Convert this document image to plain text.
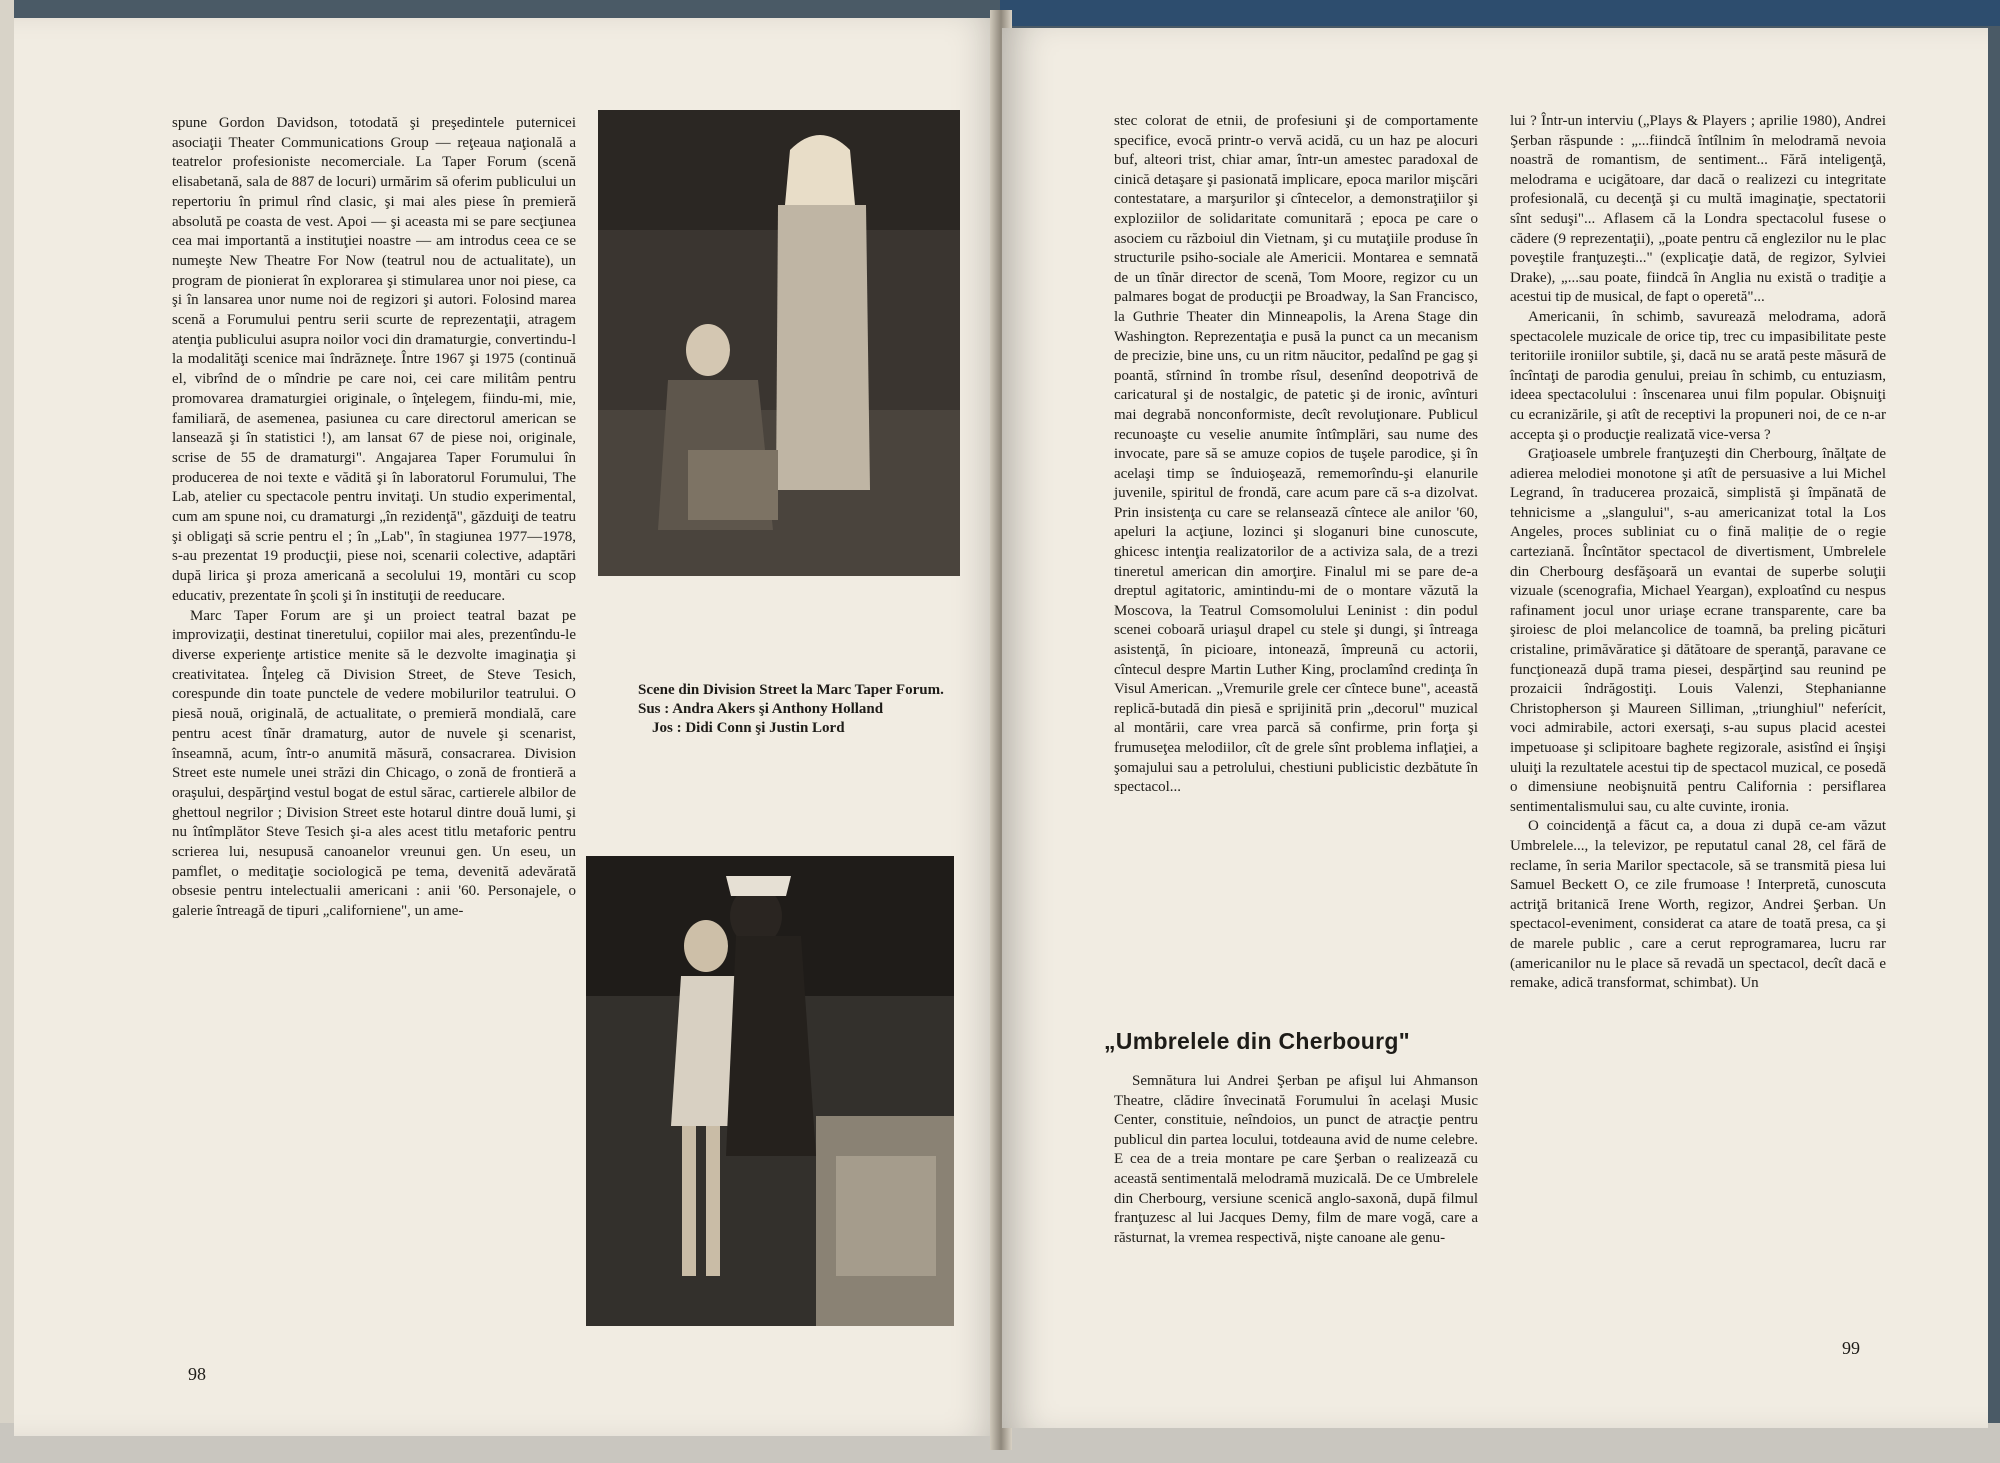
spune Gordon Davidson, totodată şi preşedintele puternicei asociaţii Theater Communications Group — reţeaua naţională a teatrelor profesioniste necomerciale. La Taper Forum (scenă elisabetană, sala de 887 de locuri) urmărim să oferim publicului un repertoriu în primul rînd clasic, şi mai ales piese în premieră absolută pe coasta de vest. Apoi — şi aceasta mi se pare secţiunea cea mai importantă a instituţiei noastre — am introdus ceea ce se numeşte New Theatre For Now (teatrul nou de actualitate), un program de pionierat în explorarea şi stimularea unor noi piese, ca şi în lansarea unor nume noi de regizori şi autori. Folosind marea scenă a Forumului pentru serii scurte de reprezentaţii, atragem atenţia publicului asupra noilor voci din dramaturgie, convertindu-l la modalităţi scenice mai îndrăzneţe. Între 1967 şi 1975 (continuă el, vibrînd de o mîndrie pe care noi, cei care militâm pentru promovarea dramaturgiei originale, o înţelegem, fiindu-mi, mie, familiară, de asemenea, pasiunea cu care directorul american se lansează şi în statistici !), am lansat 67 de piese noi, originale, scrise de 55 de dramaturgi". Angajarea Taper Forumului în producerea de noi texte e vădită şi în laboratorul Forumului, The Lab, atelier cu spectacole pentru invitaţi. Un studio experimental, cum am spune noi, cu dramaturgi „în rezidenţă", găzduiţi de teatru şi obligaţi să scrie pentru el ; în „Lab", în stagiunea 1977—1978, s-au prezentat 19 producţii, piese noi, scenarii colective, adaptări după lirica şi proza americană a secolului 19, montări cu scop educativ, prezentate în şcoli şi în instituţii de reeducare.

Marc Taper Forum are şi un proiect teatral bazat pe improvizaţii, destinat tineretului, copiilor mai ales, prezentîndu-le diverse experienţe artistice menite să le dezvolte imaginaţia şi creativitatea. Înţeleg că Division Street, de Steve Tesich, corespunde din toate punctele de vedere mobilurilor teatrului. O piesă nouă, originală, de actualitate, o premieră mondială, care pentru acest tînăr dramaturg, autor de nuvele şi scenarist, înseamnă, acum, într-o anumită măsură, consacrarea. Division Street este numele unei străzi din Chicago, o zonă de frontieră a oraşului, despărţind vestul bogat de estul sărac, cartierele albilor de ghettoul negrilor ; Division Street este hotarul dintre două lumi, şi nu întîmplător Steve Tesich şi-a ales acest titlu metaforic pentru scrierea lui, nesupusă canoanelor vreunui gen. Un eseu, un pamflet, o meditaţie sociologică pe tema, devenită adevărată obsesie pentru intelectualii americani : anii '60. Personajele, o galerie întreagă de tipuri „californiene", un ame-

Scene din Division Street la Marc Taper Forum.
Sus : Andra Akers şi Anthony Holland
Jos : Didi Conn şi Justin Lord
98

stec colorat de etnii, de profesiuni şi de comportamente specifice, evocă printr-o vervă acidă, cu un haz pe alocuri buf, alteori trist, chiar amar, într-un amestec paradoxal de cinică detaşare şi pasionată implicare, epoca marilor mişcări contestatare, a marşurilor şi cîntecelor, a demonstraţiilor şi exploziilor de solidaritate comunitară ; epoca pe care o asociem cu războiul din Vietnam, şi cu mutaţiile produse în structurile psiho-sociale ale Americii. Montarea e semnată de un tînăr director de scenă, Tom Moore, regizor cu un palmares bogat de producţii pe Broadway, la San Francisco, la Guthrie Theater din Minneapolis, la Arena Stage din Washington. Reprezentaţia e pusă la punct ca un mecanism de precizie, bine uns, cu un ritm năucitor, pedalînd pe gag şi poantă, stîrnind în trombe rîsul, desenînd deopotrivă de caricatural şi de nostalgic, de patetic şi de ironic, avînturi mai degrabă nonconformiste, decît revoluţionare. Publicul recunoaşte cu veselie anumite întîmplări, sau nume des invocate, pare să se amuze copios de tuşele parodice, şi în acelaşi timp se înduioşează, rememorîndu-şi elanurile juvenile, spiritul de frondă, care acum pare că s-a dizolvat. Prin insistenţa cu care se relansează cîntece ale anilor '60, apeluri la acţiune, lozinci şi sloganuri bine cunoscute, ghicesc intenţia realizatorilor de a activiza sala, de a trezi tineretul american din amorţire. Finalul mi se pare de-a dreptul agitatoric, amintindu-mi de o montare văzută la Moscova, la Teatrul Comsomolului Leninist : din podul scenei coboară uriaşul drapel cu stele şi dungi, şi întreaga asistenţă, în picioare, intonează, împreună cu actorii, cîntecul despre Martin Luther King, proclamînd credinţa în Visul American. „Vremurile grele cer cîntece bune", această replică-butadă din piesă e sprijinită prin „decorul" muzical al montării, care vrea parcă să confirme, prin forţa şi frumuseţea melodiilor, cît de grele sînt problema inflaţiei, a şomajului sau a petrolului, chestiuni publicistic dezbătute în spectacol...

„Umbrelele din Cherbourg"

Semnătura lui Andrei Şerban pe afişul lui Ahmanson Theatre, clădire învecinată Forumului în acelaşi Music Center, constituie, neîndoios, un punct de atracţie pentru publicul din partea locului, totdeauna avid de nume celebre. E cea de a treia montare pe care Şerban o realizează cu această sentimentală melodramă muzicală. De ce Umbrelele din Cherbourg, versiune scenică anglo-saxonă, după filmul franţuzesc al lui Jacques Demy, film de mare vogă, care a răsturnat, la vremea respectivă, nişte canoane ale genu-

lui ? Într-un interviu („Plays & Players ; aprilie 1980), Andrei Şerban răspunde : „...fiindcă întîlnim în melodramă nevoia noastră de romantism, de sentiment... Fără inteligenţă, melodrama e ucigătoare, dar dacă o realizezi cu integritate profesională, cu decenţă şi cu multă imaginaţie, spectatorii sînt seduşi"... Aflasem că la Londra spectacolul fusese o cădere (9 reprezentaţii), „poate pentru că englezilor nu le plac poveştile franţuzeşti..." (explicaţie dată, de regizor, Sylviei Drake), „...sau poate, fiindcă în Anglia nu există o tradiţie a acestui tip de musical, de fapt o operetă"...

Americanii, în schimb, savurează melodrama, adoră spectacolele muzicale de orice tip, trec cu impasibilitate peste teritoriile ironiilor subtile, şi, dacă nu se arată peste măsură de încîntaţi de parodia genului, preiau în schimb, cu entuziasm, ideea spectacolului : înscenarea unui film popular. Obişnuiţi cu ecranizările, şi atît de receptivi la propuneri noi, de ce n-ar accepta şi o producţie realizată vice-versa ?

Graţioasele umbrele franţuzeşti din Cherbourg, înălţate de adierea melodiei monotone şi atît de persuasive a lui Michel Legrand, în traducerea prozaică, simplistă şi împănată de tehnicisme a „slangului", s-au americanizat total la Los Angeles, proces subliniat cu o fină maliție de o regie carteziană. Încîntător spectacol de divertisment, Umbrelele din Cherbourg desfăşoară un evantai de superbe soluţii vizuale (scenografia, Michael Yeargan), exploatînd cu nespus rafinament jocul unor uriaşe ecrane transparente, care ba şiroiesc de ploi melancolice de toamnă, ba preling picături cristaline, primăvăratice şi dătătoare de speranţă, paravane ce funcţionează după trama piesei, despărţind sau reunind pe prozaicii îndrăgostiţi. Louis Valenzi, Stephanianne Christopherson şi Maureen Silliman, „triunghiul" neferícit, voci admirabile, actori exersaţi, s-au supus placid acestei impetuoase şi sclipitoare baghete regizorale, asistînd ei înşişi uluiţi la rezultatele acestui tip de spectacol muzical, ce posedă o dimensiune neobişnuită pentru California : persiflarea sentimentalismului sau, cu alte cuvinte, ironia.

O coincidenţă a făcut ca, a doua zi după ce-am văzut Umbrelele..., la televizor, pe reputatul canal 28, cel fără de reclame, în seria Marilor spectacole, să se transmită piesa lui Samuel Beckett O, ce zile frumoase ! Interpretă, cunoscuta actriţă britanică Irene Worth, regizor, Andrei Şerban. Un spectacol-eveniment, considerat ca atare de toată presa, ca şi de marele public , care a cerut reprogramarea, lucru rar (americanilor nu le place să revadă un spectacol, decît dacă e remake, adică transformat, schimbat). Un

99
